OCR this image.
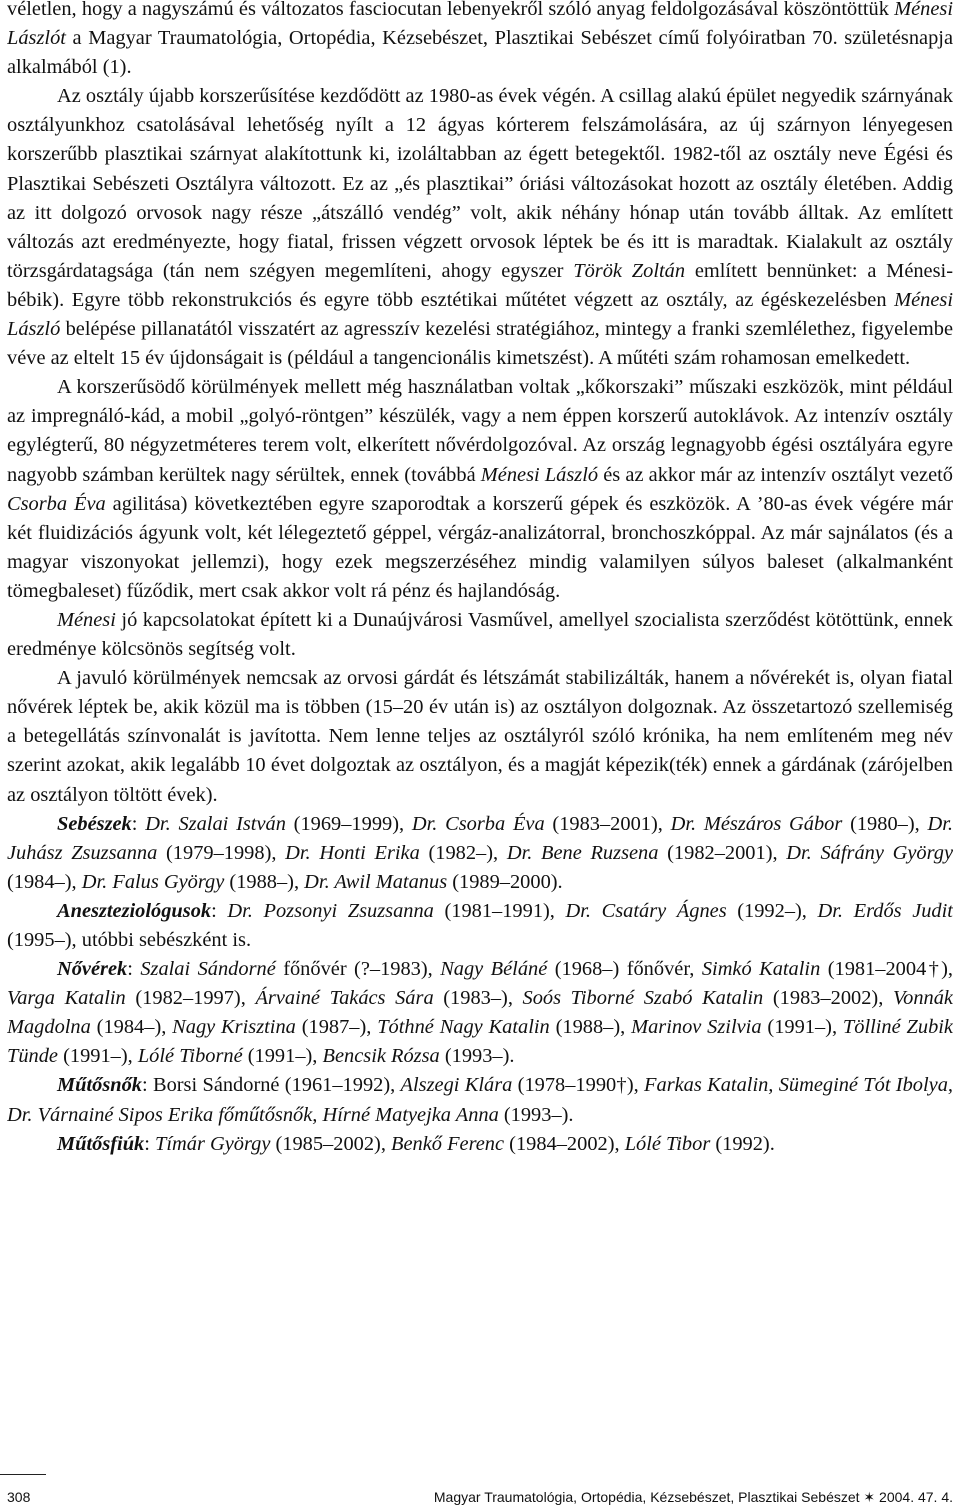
véletlen, hogy a nagyszámú és változatos fasciocutan lebenyekről szóló anyag feldolgozásával köszöntöttük Ménesi Lászlót a Magyar Traumatológia, Ortopédia, Kézsebészet, Plasztikai Sebészet című folyóiratban 70. születésnapja alkalmából (1).

Az osztály újabb korszerűsítése kezdődött az 1980-as évek végén. A csillag alakú épület negyedik szárnyának osztályunkhoz csatolásával lehetőség nyílt a 12 ágyas kórterem felszámolására, az új szárnyon lényegesen korszerűbb plasztikai szárnyat alakítottunk ki, izoláltabban az égett betegektől. 1982-től az osztály neve Égési és Plasztikai Sebészeti Osztályra változott. Ez az „és plasztikai” óriási változásokat hozott az osztály életében. Addig az itt dolgozó orvosok nagy része „átszálló vendég” volt, akik néhány hónap után tovább álltak. Az említett változás azt eredményezte, hogy fiatal, frissen végzett orvosok léptek be és itt is maradtak. Kialakult az osztály törzsgárdatagsága (tán nem szégyen megemlíteni, ahogy egyszer Török Zoltán említett bennünket: a Ménesi-bébik). Egyre több rekonstrukciós és egyre több esztétikai műtétet végzett az osztály, az égéskezelésben Ménesi László belépése pillanatától visszatért az agresszív kezelési stratégiához, mintegy a franki szemlélethez, figyelembe véve az eltelt 15 év újdonságait is (például a tangencionális kimetszést). A műtéti szám rohamosan emelkedett.

A korszerűsödő körülmények mellett még használatban voltak „kőkorszaki” műszaki eszközök, mint például az impregnáló-kád, a mobil „golyó-röntgen” készülék, vagy a nem éppen korszerű autoklávok. Az intenzív osztály egylégterű, 80 négyzetméteres terem volt, elkerített nővérdolgozóval. Az ország legnagyobb égési osztályára egyre nagyobb számban kerültek nagy sérültek, ennek (továbbá Ménesi László és az akkor már az intenzív osztályt vezető Csorba Éva agilitása) következtében egyre szaporodtak a korszerű gépek és eszközök. A ’80-as évek végére már két fluidizációs ágyunk volt, két lélegeztető géppel, vérgáz-analizátorral, bronchoszkóppal. Az már sajnálatos (és a magyar viszonyokat jellemzi), hogy ezek megszerzéséhez mindig valamilyen súlyos baleset (alkalmanként tömegbaleset) fűződik, mert csak akkor volt rá pénz és hajlandóság.

Ménesi jó kapcsolatokat épített ki a Dunaújvárosi Vasművel, amellyel szocialista szerződést kötöttünk, ennek eredménye kölcsönös segítség volt.

A javuló körülmények nemcsak az orvosi gárdát és létszámát stabilizálták, hanem a nővérekét is, olyan fiatal nővérek léptek be, akik közül ma is többen (15–20 év után is) az osztályon dolgoznak. Az összetartozó szellemiség a betegellátás színvonalát is javította. Nem lenne teljes az osztályról szóló krónika, ha nem említeném meg név szerint azokat, akik legalább 10 évet dolgoztak az osztályon, és a magját képezik(ték) ennek a gárdának (zárójelben az osztályon töltött évek).

Sebészek: Dr. Szalai István (1969–1999), Dr. Csorba Éva (1983–2001), Dr. Mészáros Gábor (1980–), Dr. Juhász Zsuzsanna (1979–1998), Dr. Honti Erika (1982–), Dr. Bene Ruzsena (1982–2001), Dr. Sáfrány György (1984–), Dr. Falus György (1988–), Dr. Awil Matanus (1989–2000).

Aneszteziológusok: Dr. Pozsonyi Zsuzsanna (1981–1991), Dr. Csatáry Ágnes (1992–), Dr. Erdős Judit (1995–), utóbbi sebészként is.

Nővérek: Szalai Sándorné főnővér (?–1983), Nagy Béláné (1968–) főnővér, Simkó Katalin (1981–2004†), Varga Katalin (1982–1997), Árvainé Takács Sára (1983–), Soós Tiborné Szabó Katalin (1983–2002), Vonnák Magdolna (1984–), Nagy Krisztina (1987–), Tóthné Nagy Katalin (1988–), Marinov Szilvia (1991–), Tölliné Zubik Tünde (1991–), Lólé Tiborné (1991–), Bencsik Rózsa (1993–).

Műtősnők: Borsi Sándorné (1961–1992), Alszegi Klára (1978–1990†), Farkas Katalin, Sümeginé Tót Ibolya, Dr. Várnainé Sipos Erika főműtősnők, Hírné Matyejka Anna (1993–).

Műtősfiúk: Tímár György (1985–2002), Benkő Ferenc (1984–2002), Lólé Tibor (1992).

308	Magyar Traumatológia, Ortopédia, Kézsebészet, Plasztikai Sebészet ✶ 2004. 47. 4.
